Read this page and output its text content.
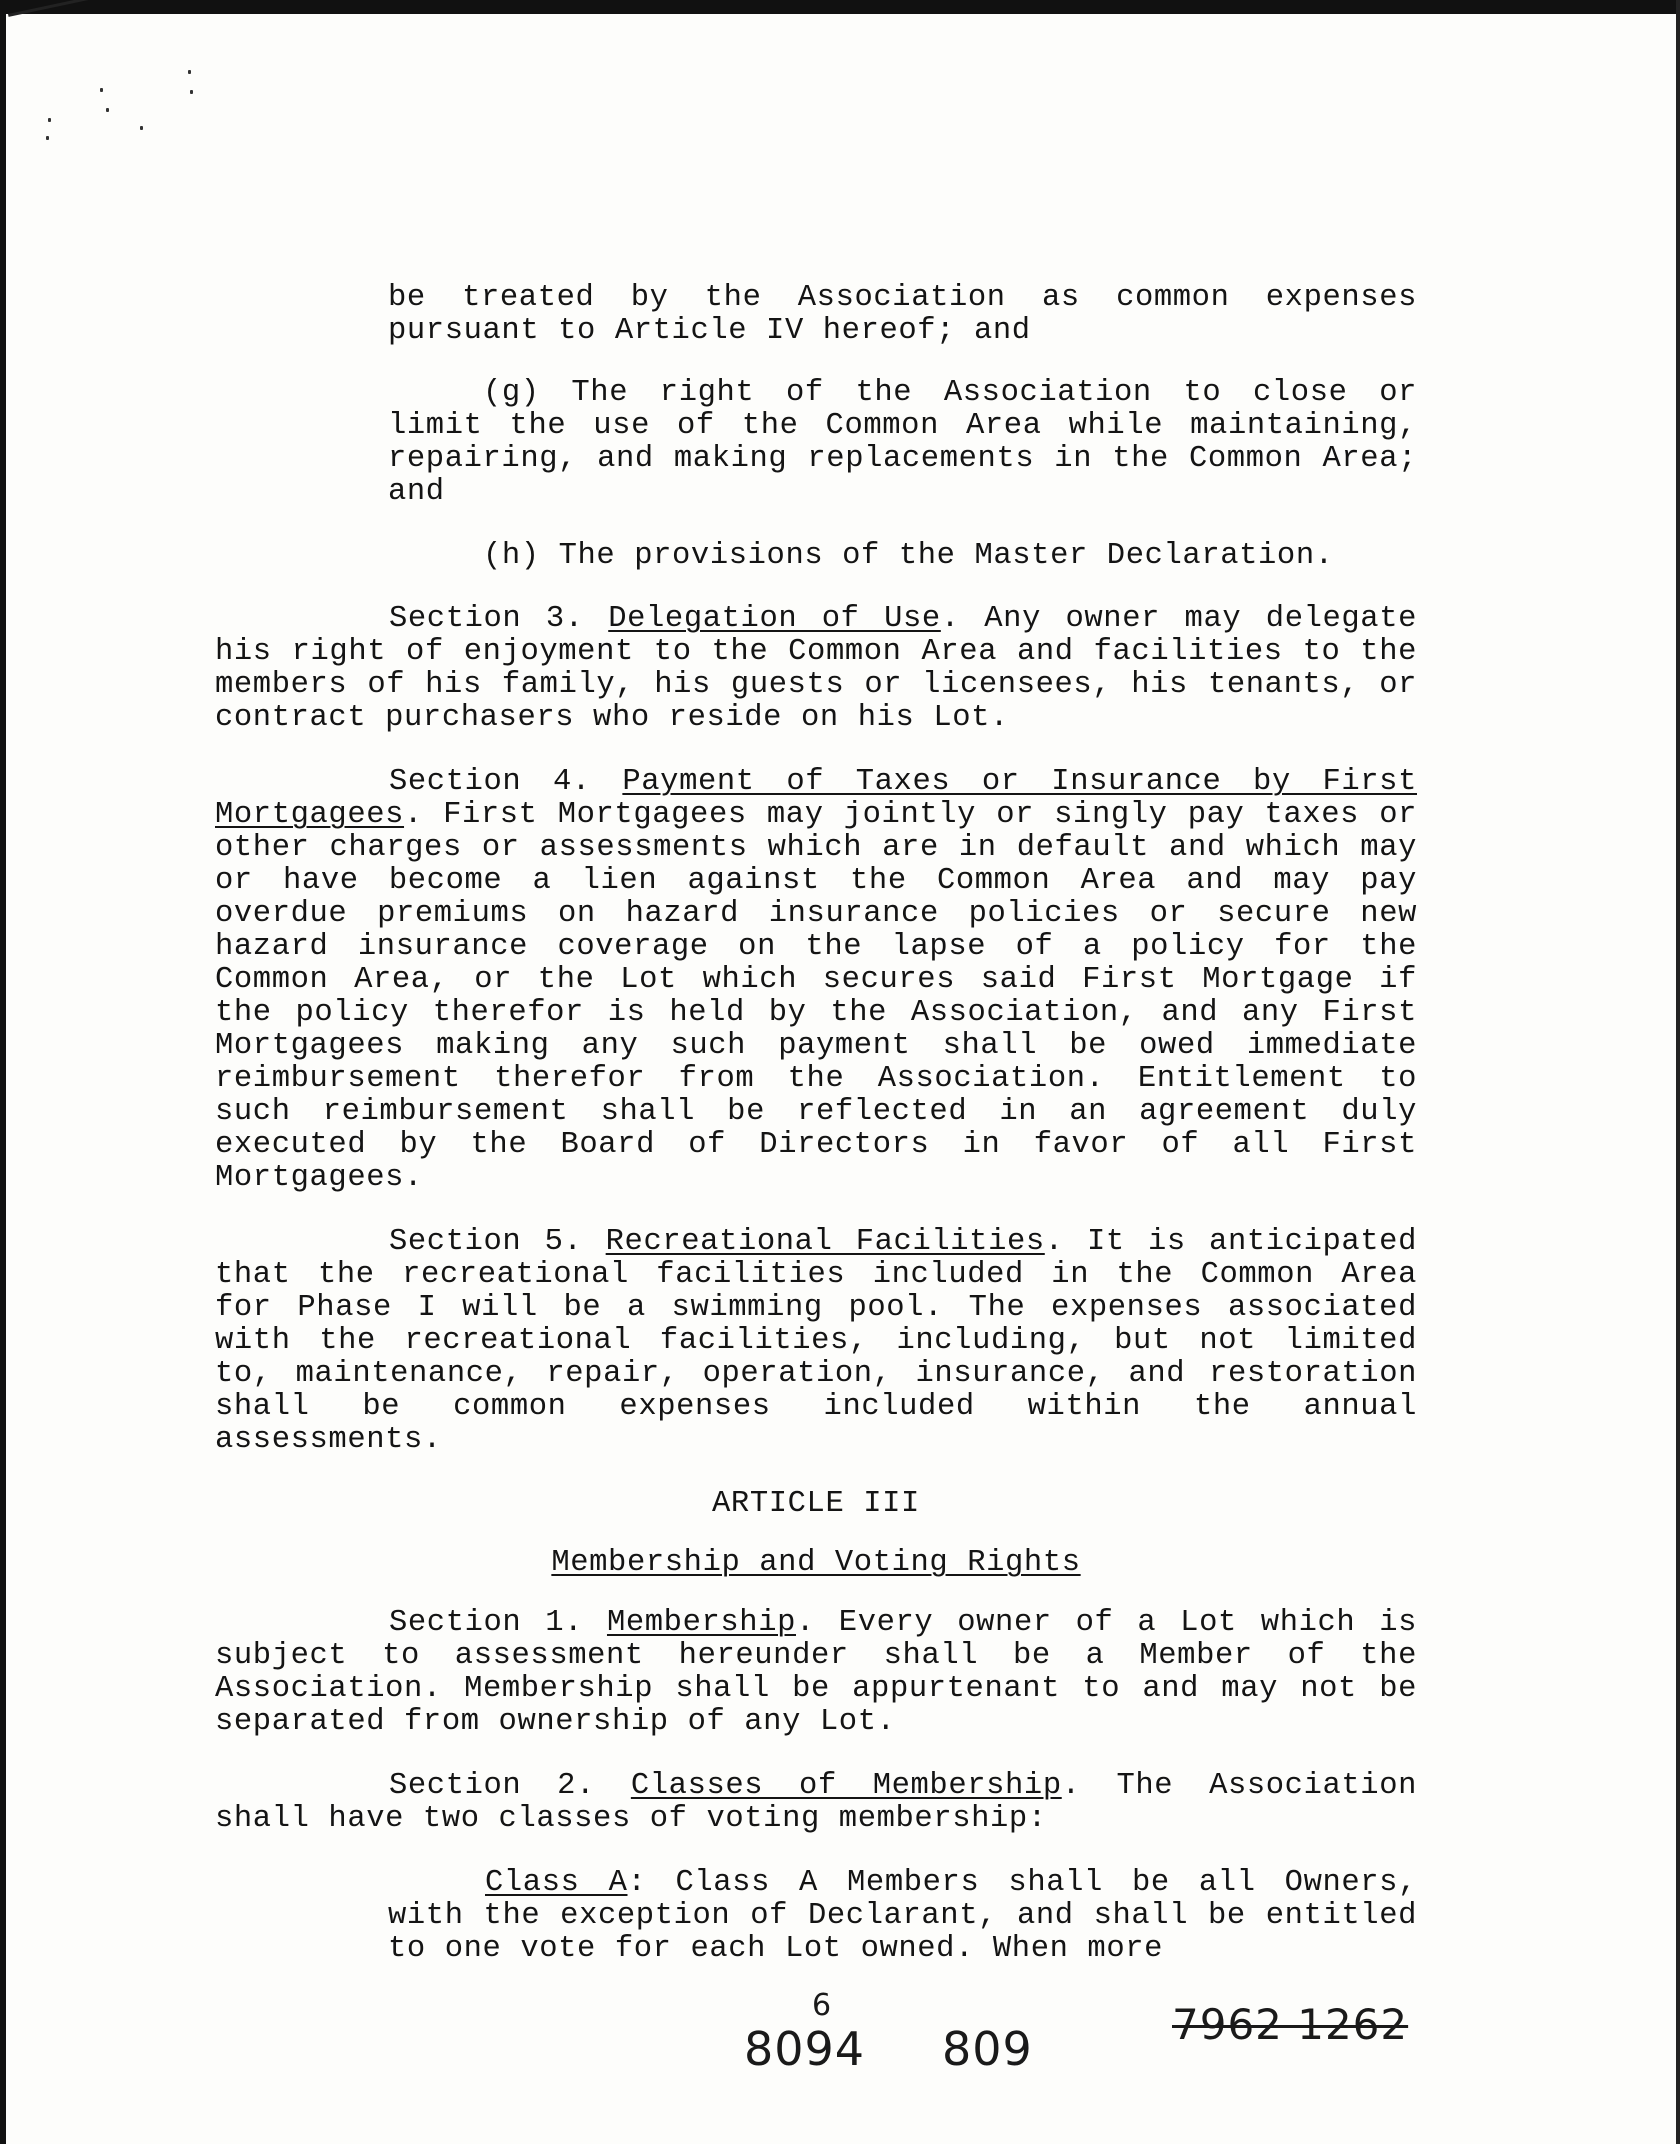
be treated by the Association as common expenses pursuant to Article IV hereof; and

(g) The right of the Association to close or limit the use of the Common Area while maintaining, repairing, and making replacements in the Common Area; and

(h) The provisions of the Master Declaration.

Section 3. Delegation of Use. Any owner may delegate his right of enjoyment to the Common Area and facilities to the members of his family, his guests or licensees, his tenants, or contract purchasers who reside on his Lot.

Section 4. Payment of Taxes or Insurance by First Mortgagees. First Mortgagees may jointly or singly pay taxes or other charges or assessments which are in default and which may or have become a lien against the Common Area and may pay overdue premiums on hazard insurance policies or secure new hazard insurance coverage on the lapse of a policy for the Common Area, or the Lot which secures said First Mortgage if the policy therefor is held by the Association, and any First Mortgagees making any such payment shall be owed immediate reimbursement therefor from the Association. Entitlement to such reimbursement shall be reflected in an agreement duly executed by the Board of Directors in favor of all First Mortgagees.

Section 5. Recreational Facilities. It is anticipated that the recreational facilities included in the Common Area for Phase I will be a swimming pool. The expenses associated with the recreational facilities, including, but not limited to, maintenance, repair, operation, insurance, and restoration shall be common expenses included within the annual assessments.

ARTICLE III

Membership and Voting Rights

Section 1. Membership. Every owner of a Lot which is subject to assessment hereunder shall be a Member of the Association. Membership shall be appurtenant to and may not be separated from ownership of any Lot.

Section 2. Classes of Membership. The Association shall have two classes of voting membership:

Class A: Class A Members shall be all Owners, with the exception of Declarant, and shall be entitled to one vote for each Lot owned. When more

6
8094 809	7962 1262
